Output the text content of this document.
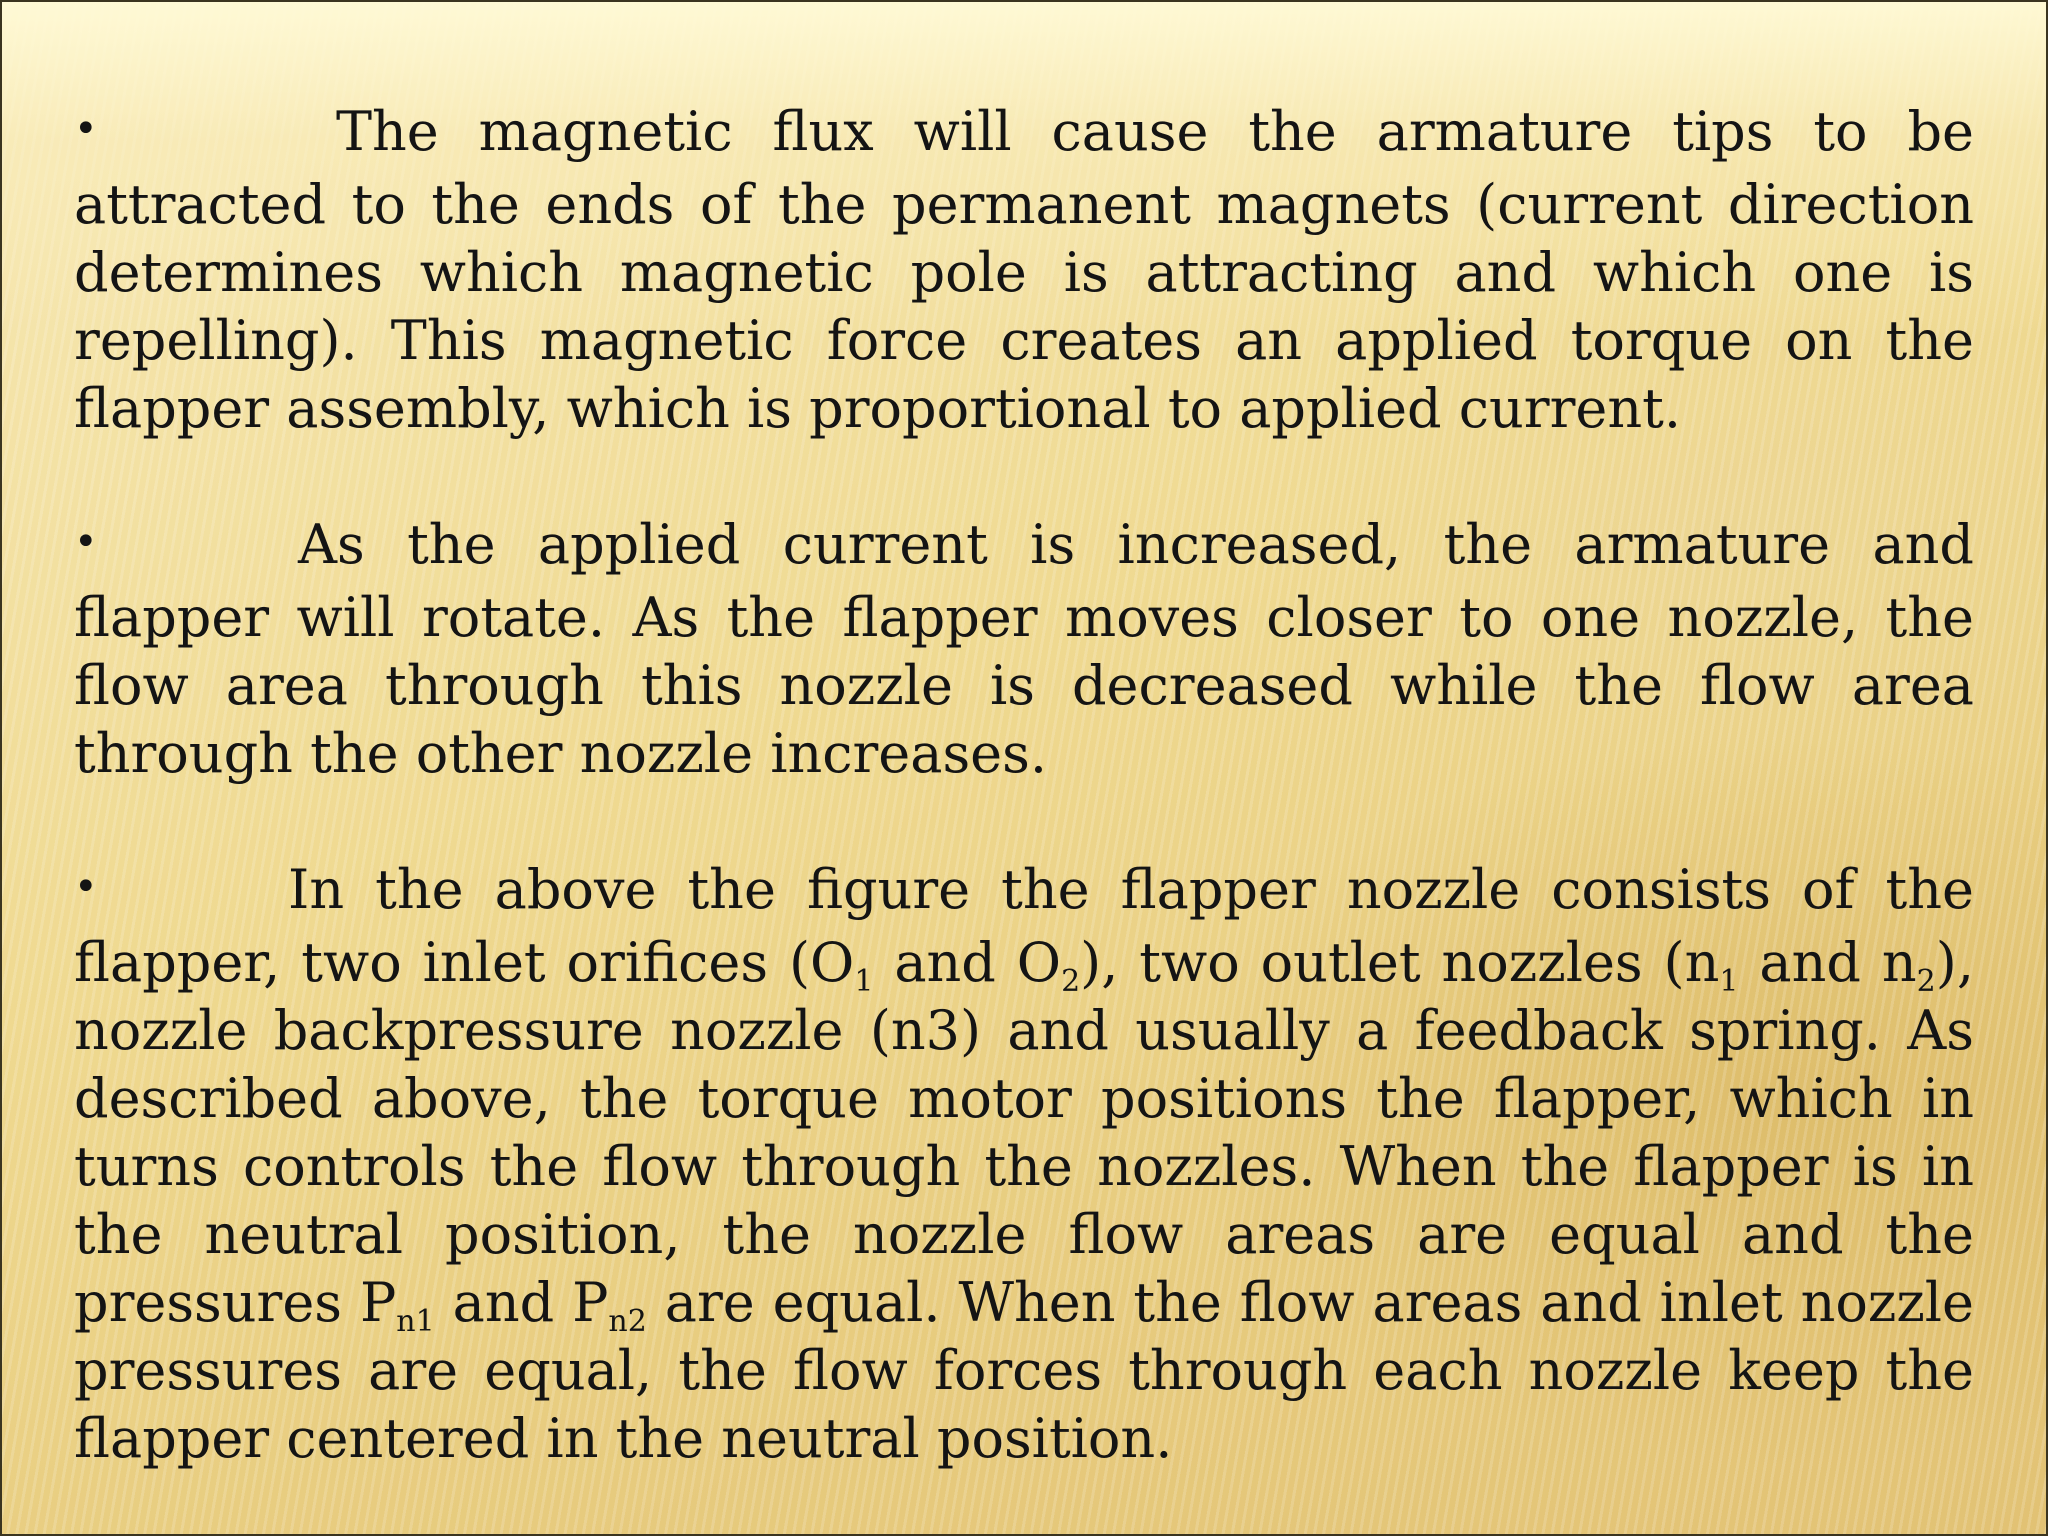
•	The magnetic flux will cause the armature tips to be attracted to the ends of the permanent magnets (current direction determines which magnetic pole is attracting and which one is repelling). This magnetic force creates an applied torque on the flapper assembly, which is proportional to applied current.

•	As the applied current is increased, the armature and flapper will rotate. As the flapper moves closer to one nozzle, the flow area through this nozzle is decreased while the flow area through the other nozzle increases.

•	In the above the figure the flapper nozzle consists of the flapper, two inlet orifices ($O_1$ and $O_2$), two outlet nozzles ($n_1$ and $n_2$), nozzle backpressure nozzle (n3) and usually a feedback spring. As described above, the torque motor positions the flapper, which in turns controls the flow through the nozzles. When the flapper is in the neutral position, the nozzle flow areas are equal and the pressures $P_{n1}$ and $P_{n2}$ are equal. When the flow areas and inlet nozzle pressures are equal, the flow forces through each nozzle keep the flapper centered in the neutral position.
